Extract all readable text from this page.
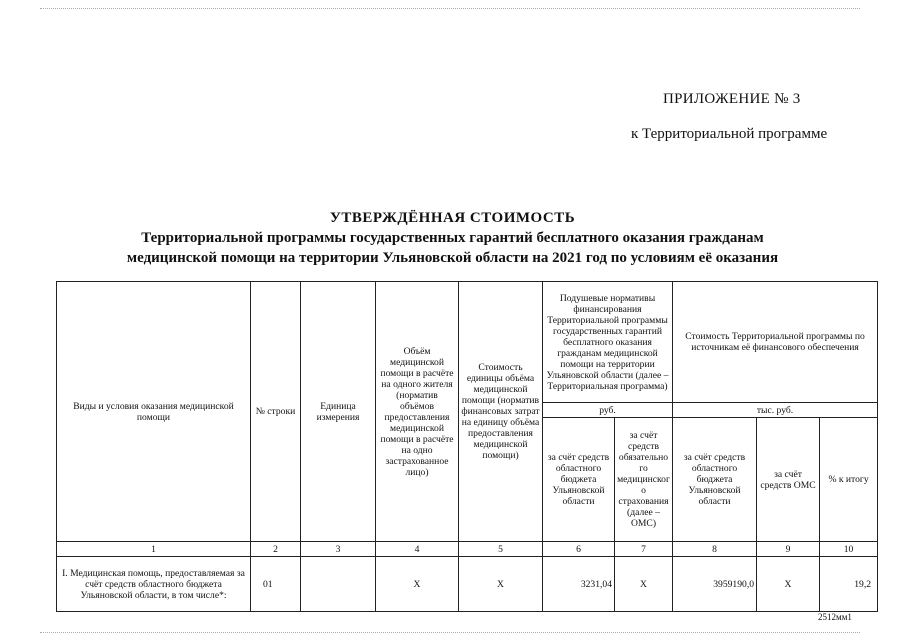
ПРИЛОЖЕНИЕ № 3
к Территориальной программе
УТВЕРЖДЁННАЯ СТОИМОСТЬ
Территориальной программы государственных гарантий бесплатного оказания гражданам
медицинской помощи на территории Ульяновской области на 2021 год по условиям её оказания
Виды и условия оказания медицинской помощи	№ строки	Единица измерения	Объём медицинской помощи в расчёте на одного жителя (норматив объёмов предоставления медицинской помощи в расчёте на одно застрахованное лицо)	Стоимость единицы объёма медицинской помощи (норматив финансовых затрат на единицу объёма предоставления медицинской помощи)	Подушевые нормативы финансирования Территориальной программы государственных гарантий бесплатного оказания гражданам медицинской помощи на территории Ульяновской области (далее – Территориальная программа)		Стоимость Территориальной программы по источникам её финансового обеспечения		
					руб.		тыс. руб.		
					за счёт средств областного бюджета Ульяновской области	за счёт средств обязательного медицинского страхования (далее – ОМС)	за счёт средств областного бюджета Ульяновской области	за счёт средств ОМС	% к итогу
1	2	3	4	5	6	7	8	9	10
I. Медицинская помощь, предоставляемая за счёт средств областного бюджета Ульяновской области, в том числе*:	01		X	X	3231,04	X	3959190,0	X	19,2
2512мм1
